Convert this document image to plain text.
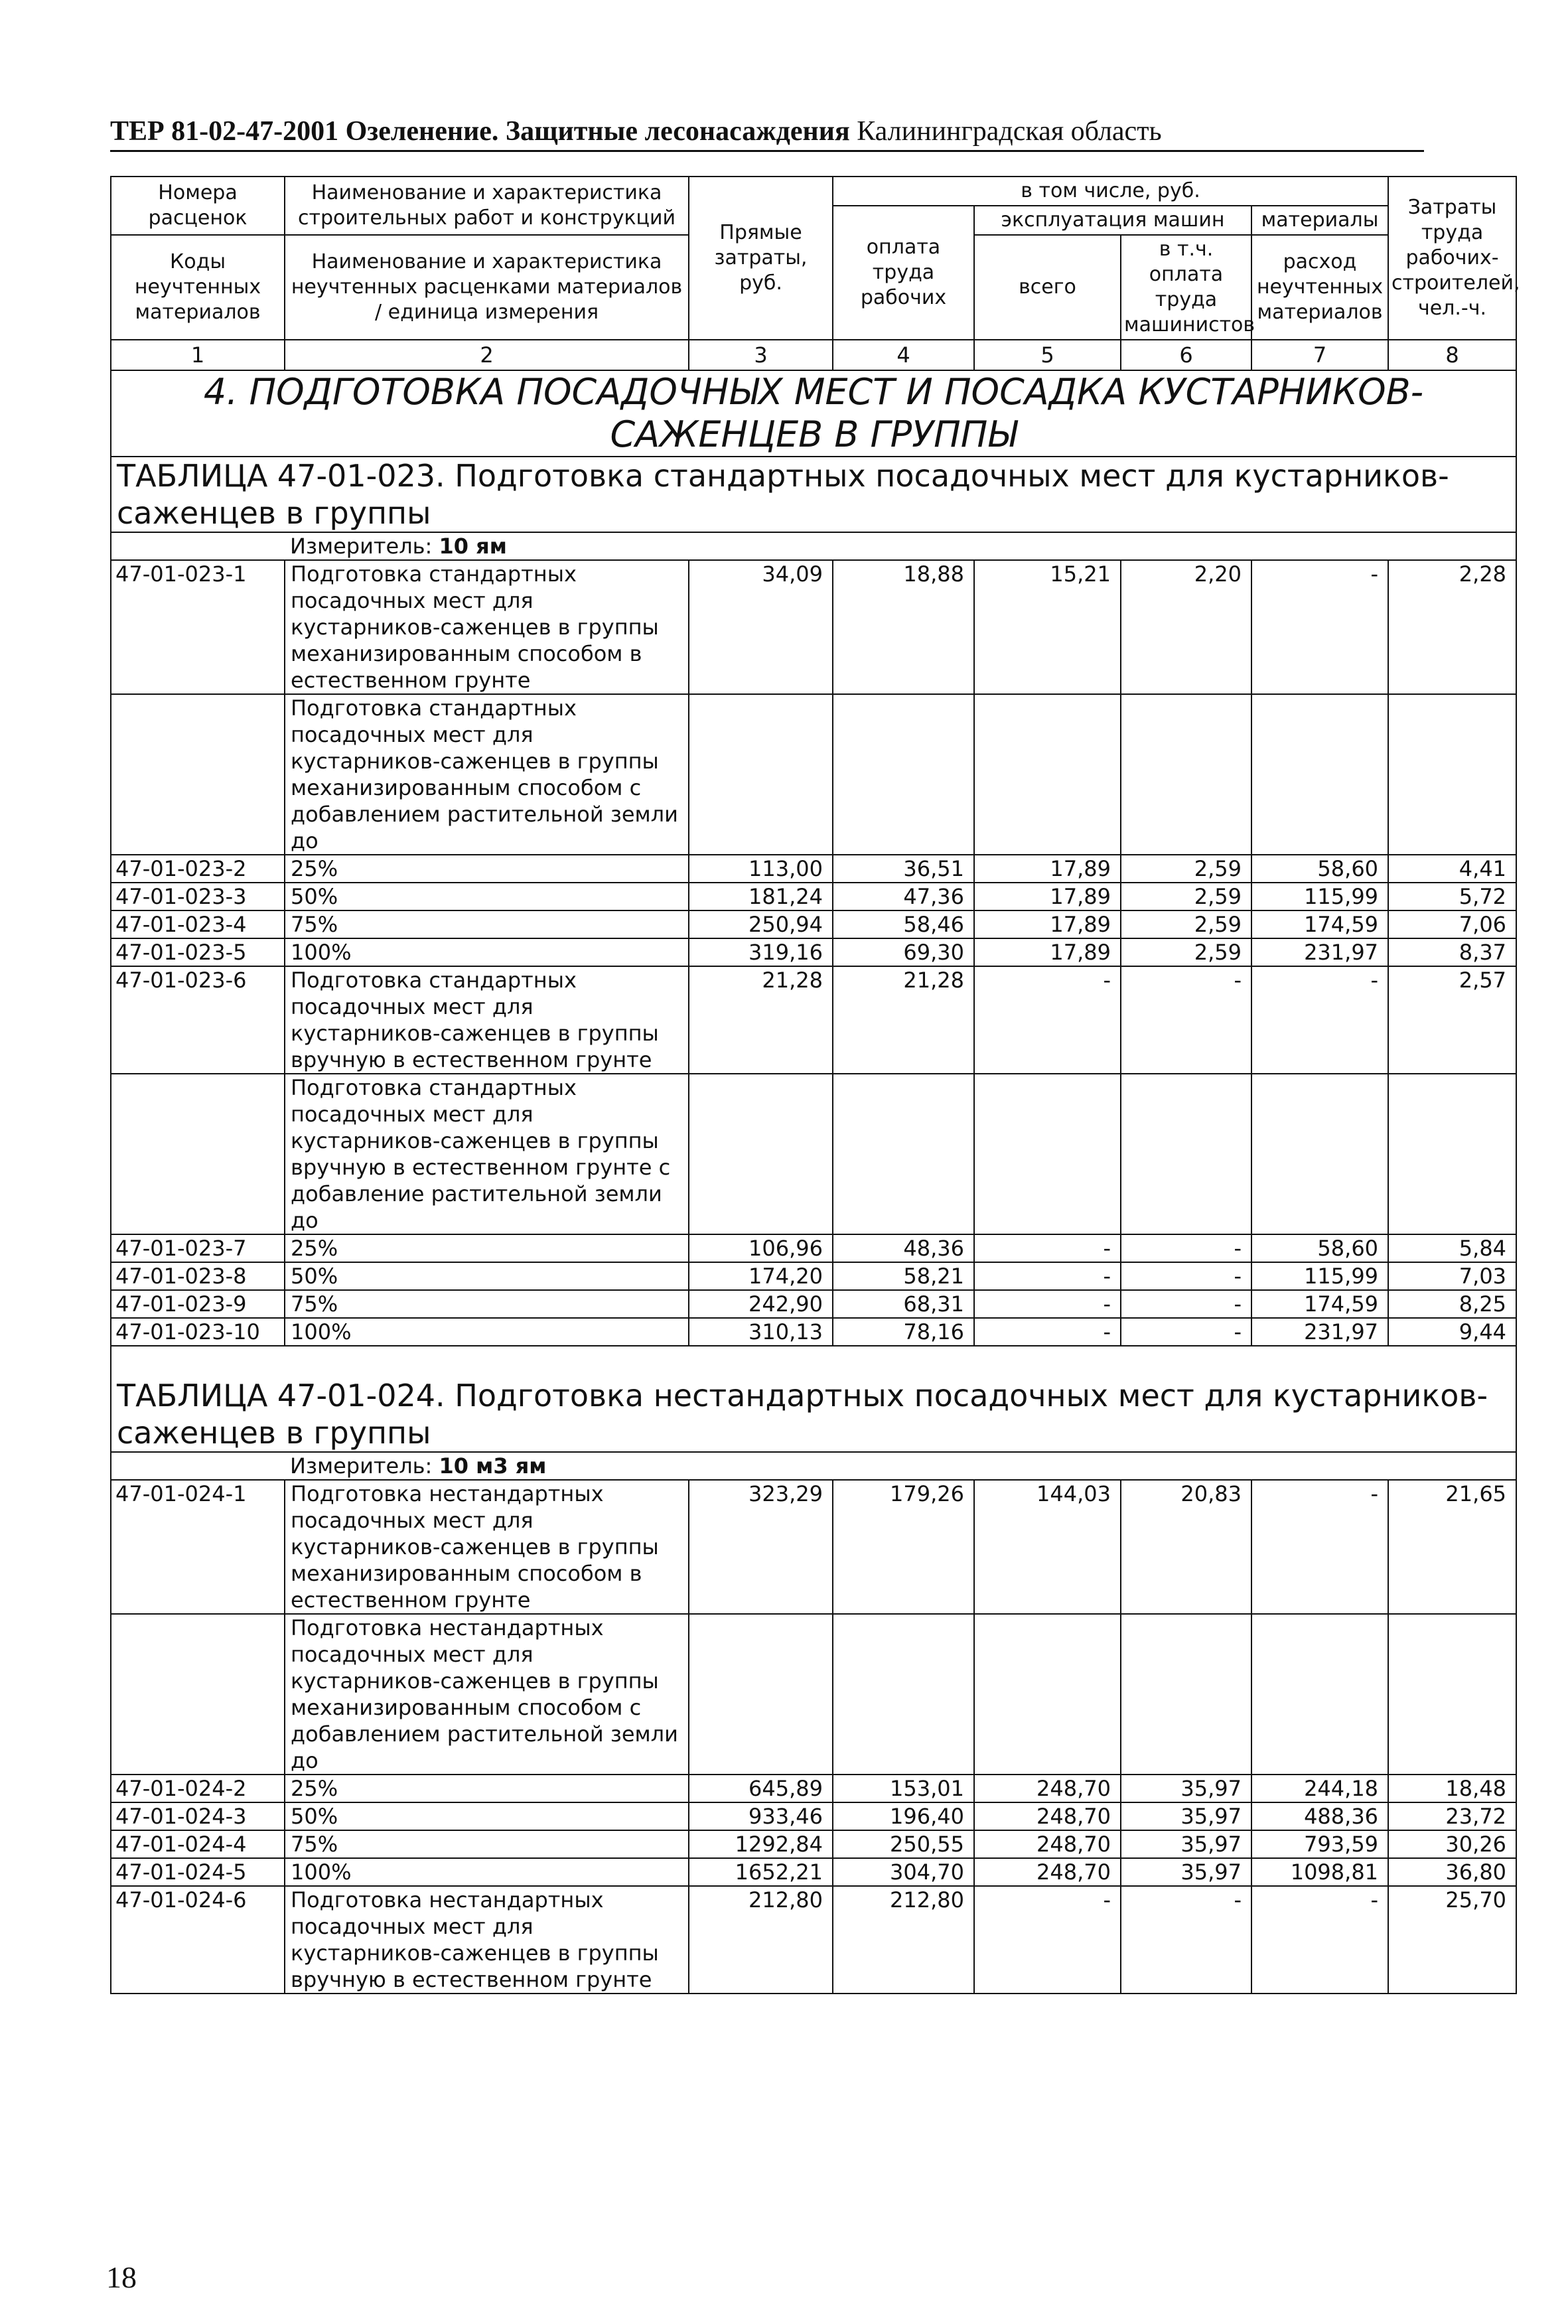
ТЕР 81-02-47-2001 Озеленение. Защитные лесонасаждения Калининградская область
Номера расценок	Наименование и характеристика строительных работ и конструкций	Прямые затраты, руб.	в том числе, руб.				Затраты труда рабочих-строителей, чел.-ч.
			оплата труда рабочих	эксплуатация машин		материалы	
Коды неучтенных материалов	Наименование и характеристика неучтенных расценками материалов / единица измерения			всего	в т.ч. оплата труда машинистов	расход неучтенных материалов	

1	2	3	4	5	6	7	8
4. ПОДГОТОВКА ПОСАДОЧНЫХ МЕСТ И ПОСАДКА КУСТАРНИКОВ-САЖЕНЦЕВ В ГРУППЫ							
ТАБЛИЦА 47-01-023. Подготовка стандартных посадочных мест для кустарников-саженцев в группы							
	Измеритель: 10 ям						
47-01-023-1	Подготовка стандартных посадочных мест для кустарников-саженцев в группы механизированным способом в естественном грунте	34,09	18,88	15,21	2,20	-	2,28
	Подготовка стандартных посадочных мест для кустарников-саженцев в группы механизированным способом с добавлением растительной земли до						
47-01-023-2	25%	113,00	36,51	17,89	2,59	58,60	4,41
47-01-023-3	50%	181,24	47,36	17,89	2,59	115,99	5,72
47-01-023-4	75%	250,94	58,46	17,89	2,59	174,59	7,06
47-01-023-5	100%	319,16	69,30	17,89	2,59	231,97	8,37
47-01-023-6	Подготовка стандартных посадочных мест для кустарников-саженцев в группы вручную в естественном грунте	21,28	21,28	-	-	-	2,57
	Подготовка стандартных посадочных мест для кустарников-саженцев в группы вручную в естественном грунте с добавление растительной земли до						
47-01-023-7	25%	106,96	48,36	-	-	58,60	5,84
47-01-023-8	50%	174,20	58,21	-	-	115,99	7,03
47-01-023-9	75%	242,90	68,31	-	-	174,59	8,25
47-01-023-10	100%	310,13	78,16	-	-	231,97	9,44
ТАБЛИЦА 47-01-024. Подготовка нестандартных посадочных мест для кустарников-саженцев в группы							
	Измеритель: 10 м3 ям						
47-01-024-1	Подготовка нестандартных посадочных мест для кустарников-саженцев в группы механизированным способом в естественном грунте	323,29	179,26	144,03	20,83	-	21,65
	Подготовка нестандартных посадочных мест для кустарников-саженцев в группы механизированным способом с добавлением растительной земли до						
47-01-024-2	25%	645,89	153,01	248,70	35,97	244,18	18,48
47-01-024-3	50%	933,46	196,40	248,70	35,97	488,36	23,72
47-01-024-4	75%	1292,84	250,55	248,70	35,97	793,59	30,26
47-01-024-5	100%	1652,21	304,70	248,70	35,97	1098,81	36,80
47-01-024-6	Подготовка нестандартных посадочных мест для кустарников-саженцев в группы вручную в естественном грунте	212,80	212,80	-	-	-	25,70
18
